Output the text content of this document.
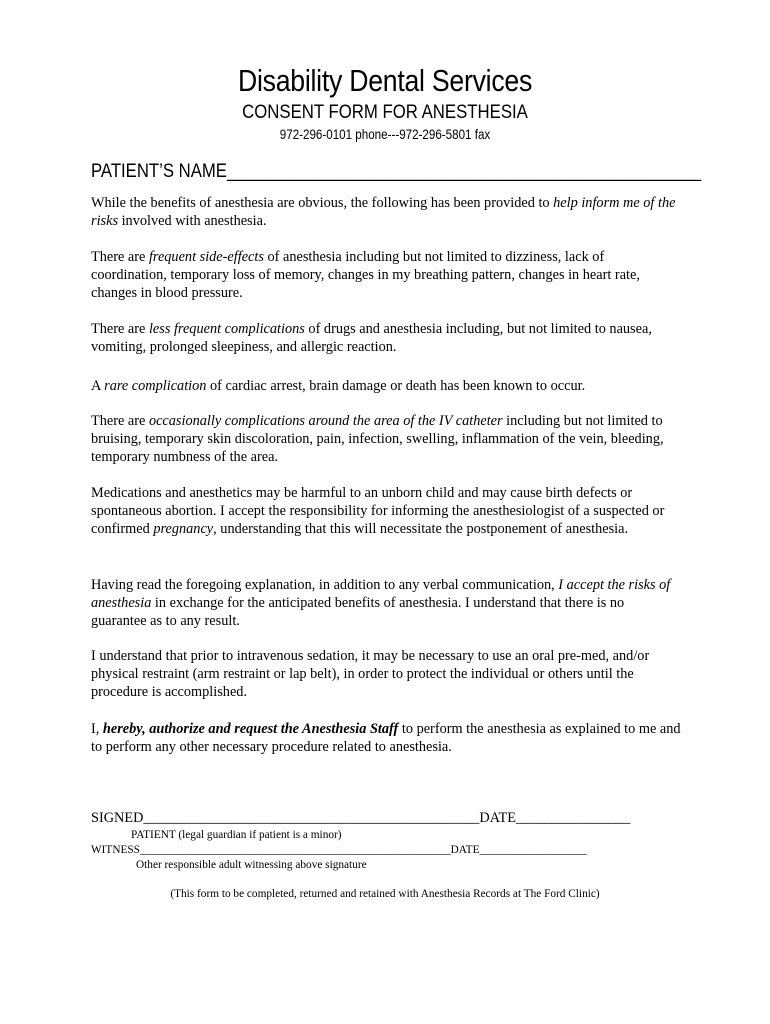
Disability Dental Services
CONSENT FORM FOR ANESTHESIA
972-296-0101 phone---972-296-5801 fax
PATIENT’S NAME___________________________________________________

While the benefits of anesthesia are obvious, the following has been provided to help inform me of the risks involved with anesthesia.

There are frequent side-effects of anesthesia including but not limited to dizziness, lack of coordination, temporary loss of memory, changes in my breathing pattern, changes in heart rate, changes in blood pressure.

There are less frequent complications of drugs and anesthesia including, but not limited to nausea, vomiting, prolonged sleepiness, and allergic reaction.

A rare complication of cardiac arrest, brain damage or death has been known to occur.

There are occasionally complications around the area of the IV catheter including but not limited to bruising, temporary skin discoloration, pain, infection, swelling, inflammation of the vein, bleeding, temporary numbness of the area.

Medications and anesthetics may be harmful to an unborn child and may cause birth defects or spontaneous abortion. I accept the responsibility for informing the anesthesiologist of a suspected or confirmed pregnancy, understanding that this will necessitate the postponement of anesthesia.

Having read the foregoing explanation, in addition to any verbal communication, I accept the risks of anesthesia in exchange for the anticipated benefits of anesthesia. I understand that there is no guarantee as to any result.

I understand that prior to intravenous sedation, it may be necessary to use an oral pre-med, and/or physical restraint (arm restraint or lap belt), in order to protect the individual or others until the procedure is accomplished.

I, hereby, authorize and request the Anesthesia Staff to perform the anesthesia as explained to me and to perform any other necessary procedure related to anesthesia.

SIGNED_______________________________________________DATE________________
PATIENT (legal guardian if patient is a minor)
WITNESS_______________________________________________________DATE___________________
Other responsible adult witnessing above signature
(This form to be completed, returned and retained with Anesthesia Records at The Ford Clinic)
